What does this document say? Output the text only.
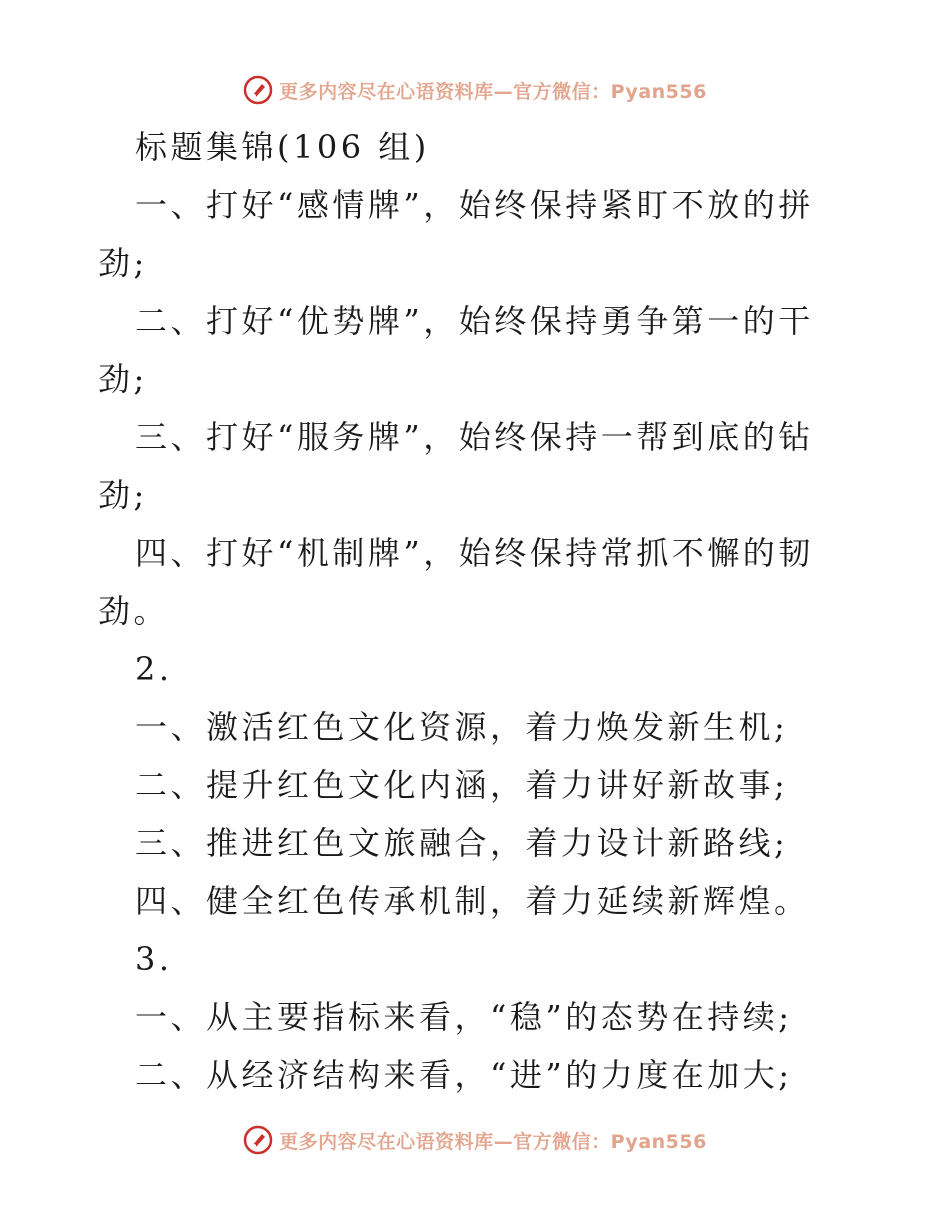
更多内容尽在心语资料库—官方微信：Pyan556
标题集锦(106 组)
一、打好“感情牌”，始终保持紧盯不放的拼
劲;
二、打好“优势牌”，始终保持勇争第一的干
劲;
三、打好“服务牌”，始终保持一帮到底的钻
劲;
四、打好“机制牌”，始终保持常抓不懈的韧
劲。
2.
一、激活红色文化资源，着力焕发新生机;
二、提升红色文化内涵，着力讲好新故事;
三、推进红色文旅融合，着力设计新路线;
四、健全红色传承机制，着力延续新辉煌。
3.
一、从主要指标来看，“稳”的态势在持续;
二、从经济结构来看，“进”的力度在加大;
更多内容尽在心语资料库—官方微信：Pyan556
